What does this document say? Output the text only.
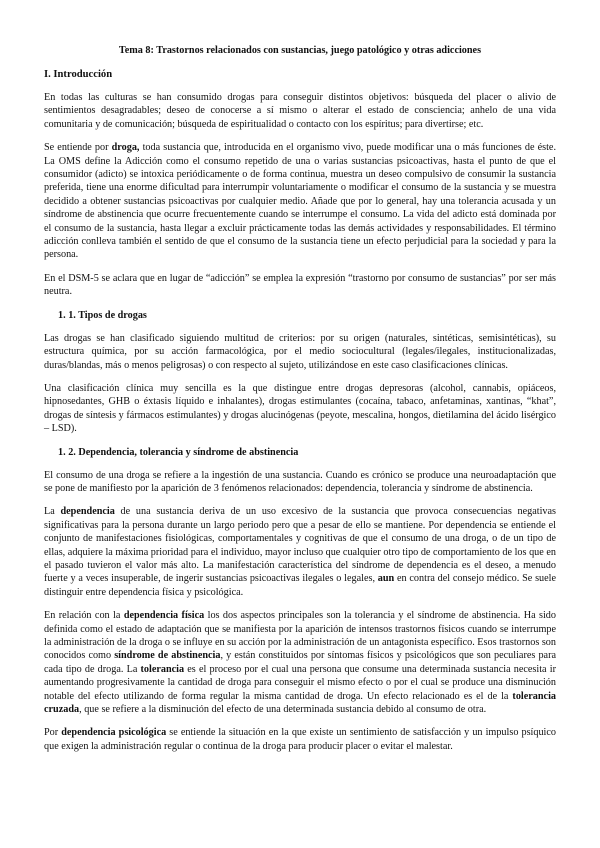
Tema 8: Trastornos relacionados con sustancias, juego patológico y otras adicciones
I. Introducción

En todas las culturas se han consumido drogas para conseguir distintos objetivos: búsqueda del placer o alivio de sentimientos desagradables; deseo de conocerse a sí mismo o alterar el estado de consciencia; anhelo de una vida comunitaria y de comunicación; búsqueda de espiritualidad o contacto con los espíritus; para divertirse; etc.

Se entiende por droga, toda sustancia que, introducida en el organismo vivo, puede modificar una o más funciones de éste. La OMS define la Adicción como el consumo repetido de una o varias sustancias psicoactivas, hasta el punto de que el consumidor (adicto) se intoxica periódicamente o de forma continua, muestra un deseo compulsivo de consumir la sustancia preferida, tiene una enorme dificultad para interrumpir voluntariamente o modificar el consumo de la sustancia y se muestra decidido a obtener sustancias psicoactivas por cualquier medio. Añade que por lo general, hay una tolerancia acusada y un síndrome de abstinencia que ocurre frecuentemente cuando se interrumpe el consumo. La vida del adicto está dominada por el consumo de la sustancia, hasta llegar a excluir prácticamente todas las demás actividades y responsabilidades. El término adicción conlleva también el sentido de que el consumo de la sustancia tiene un efecto perjudicial para la sociedad y para la persona.

En el DSM-5 se aclara que en lugar de “adicción” se emplea la expresión “trastorno por consumo de sustancias” por ser más neutra.

1. 1. Tipos de drogas

Las drogas se han clasificado siguiendo multitud de criterios: por su origen (naturales, sintéticas, semisintéticas), su estructura química, por su acción farmacológica, por el medio sociocultural (legales/ilegales, institucionalizadas, duras/blandas, más o menos peligrosas) o con respecto al sujeto, utilizándose en este caso clasificaciones clínicas.

Una clasificación clínica muy sencilla es la que distingue entre drogas depresoras (alcohol, cannabis, opiáceos, hipnosedantes, GHB o éxtasis líquido e inhalantes), drogas estimulantes (cocaína, tabaco, anfetaminas, xantinas, “khat”, drogas de síntesis y fármacos estimulantes) y drogas alucinógenas (peyote, mescalina, hongos, dietilamina del ácido lisérgico – LSD).

1. 2. Dependencia, tolerancia y síndrome de abstinencia

El consumo de una droga se refiere a la ingestión de una sustancia. Cuando es crónico se produce una neuroadaptación que se pone de manifiesto por la aparición de 3 fenómenos relacionados: dependencia, tolerancia y síndrome de abstinencia.

La dependencia de una sustancia deriva de un uso excesivo de la sustancia que provoca consecuencias negativas significativas para la persona durante un largo periodo pero que a pesar de ello se mantiene. Por dependencia se entiende el conjunto de manifestaciones fisiológicas, comportamentales y cognitivas de que el consumo de una droga, o de un tipo de ellas, adquiere la máxima prioridad para el individuo, mayor incluso que cualquier otro tipo de comportamiento de los que en el pasado tuvieron el valor más alto. La manifestación característica del síndrome de dependencia es el deseo, a menudo fuerte y a veces insuperable, de ingerir sustancias psicoactivas ilegales o legales, aun en contra del consejo médico. Se suele distinguir entre dependencia física y psicológica.

En relación con la dependencia física los dos aspectos principales son la tolerancia y el síndrome de abstinencia. Ha sido definida como el estado de adaptación que se manifiesta por la aparición de intensos trastornos físicos cuando se interrumpe la administración de la droga o se influye en su acción por la administración de un antagonista específico. Esos trastornos son conocidos como síndrome de abstinencia, y están constituidos por síntomas físicos y psicológicos que son peculiares para cada tipo de droga. La tolerancia es el proceso por el cual una persona que consume una determinada sustancia necesita ir aumentando progresivamente la cantidad de droga para conseguir el mismo efecto o por el cual se produce una disminución notable del efecto utilizando de forma regular la misma cantidad de droga. Un efecto relacionado es el de la tolerancia cruzada, que se refiere a la disminución del efecto de una determinada sustancia debido al consumo de otra.

Por dependencia psicológica se entiende la situación en la que existe un sentimiento de satisfacción y un impulso psíquico que exigen la administración regular o continua de la droga para producir placer o evitar el malestar.
